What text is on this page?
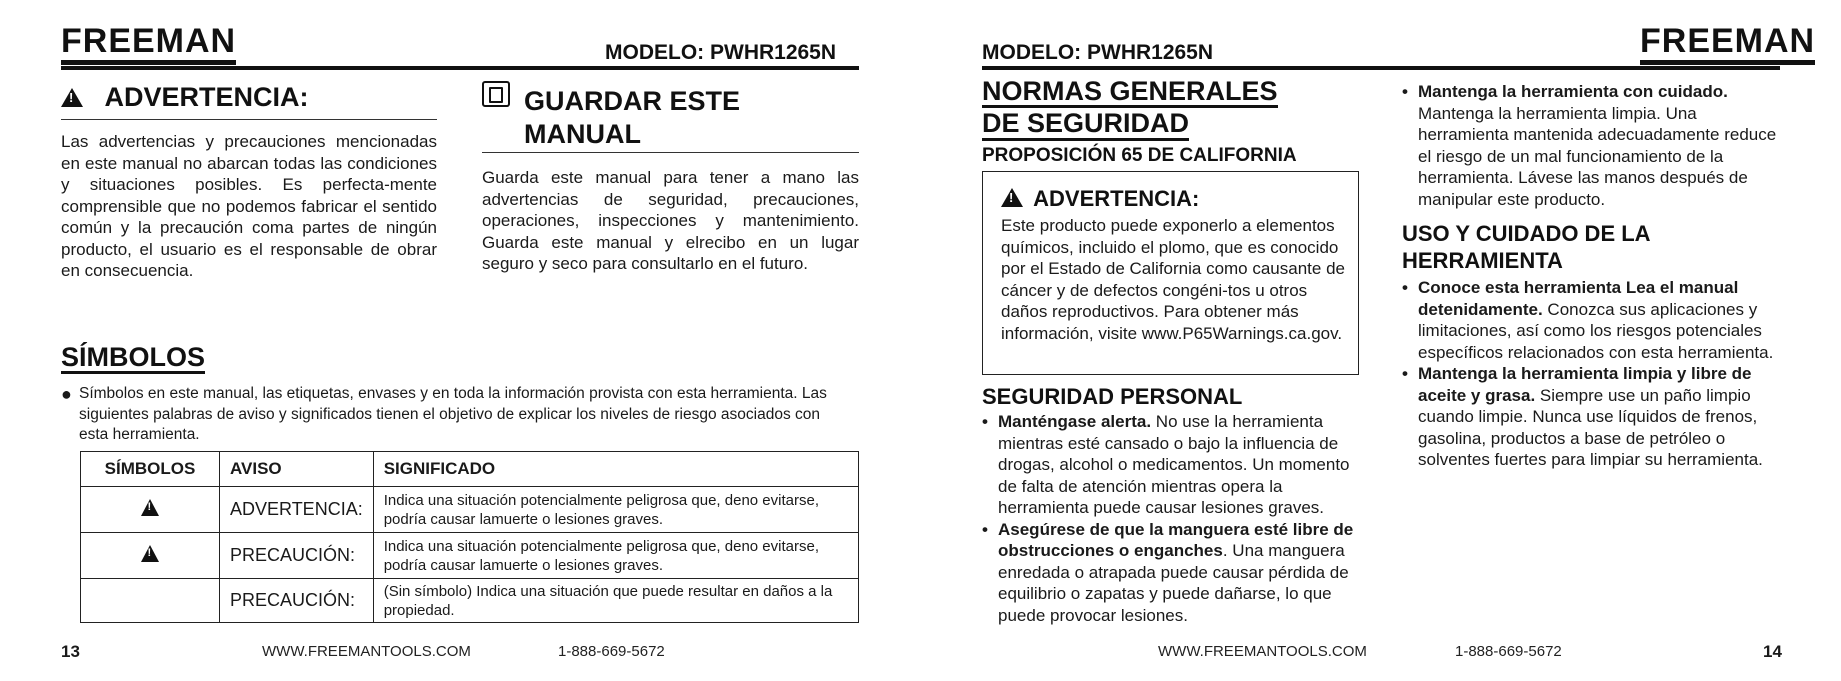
FREEMAN	MODELO: PWHR1265N
! ADVERTENCIA:
Las advertencias y precauciones mencionadas en este manual no abarcan todas las condiciones y situaciones posibles. Es perfecta-mente comprensible que no podemos fabricar el sentido común y la precaución coma partes de ningún producto, el usuario es el responsable de obrar en consecuencia.
GUARDAR ESTE
MANUAL
Guarda este manual para tener a mano las advertencias de seguridad, precauciones, operaciones, inspecciones y mantenimiento. Guarda este manual y elrecibo en un lugar seguro y seco para consultarlo en el futuro.
SÍMBOLOS
● Símbolos en este manual, las etiquetas, envases y en toda la información provista con esta herramienta. Las siguientes palabras de aviso y significados tienen el objetivo de explicar los niveles de riesgo asociados con esta herramienta.
SÍMBOLOS	AVISO	SIGNIFICADO
!	ADVERTENCIA:	Indica una situación potencialmente peligrosa que, deno evitarse, podría causar lamuerte o lesiones graves.
!	PRECAUCIÓN:	Indica una situación potencialmente peligrosa que, deno evitarse, podría causar lamuerte o lesiones graves.
	PRECAUCIÓN:	(Sin símbolo) Indica una situación que puede resultar en daños a la propiedad.
13	WWW.FREEMANTOOLS.COM	1-888-669-5672
MODELO: PWHR1265N	FREEMAN
NORMAS GENERALES
DE SEGURIDAD
PROPOSICIÓN 65 DE CALIFORNIA
! ADVERTENCIA:
Este producto puede exponerlo a elementos químicos, incluido el plomo, que es conocido por el Estado de California como causante de cáncer y de defectos congéni-tos u otros daños reproductivos. Para obtener más información, visite www.P65Warnings.ca.gov.
SEGURIDAD PERSONAL
• Manténgase alerta. No use la herramienta mientras esté cansado o bajo la influencia de drogas, alcohol o medicamentos. Un momento de falta de atención mientras opera la herramienta puede causar lesiones graves.
• Asegúrese de que la manguera esté libre de obstrucciones o enganches. Una manguera enredada o atrapada puede causar pérdida de equilibrio o zapatas y puede dañarse, lo que puede provocar lesiones.
• Mantenga la herramienta con cuidado. Mantenga la herramienta limpia. Una herramienta mantenida adecuadamente reduce el riesgo de un mal funcionamiento de la herramienta. Lávese las manos después de manipular este producto.
USO Y CUIDADO DE LA
HERRAMIENTA
• Conoce esta herramienta Lea el manual detenidamente. Conozca sus aplicaciones y limitaciones, así como los riesgos potenciales específicos relacionados con esta herramienta.
• Mantenga la herramienta limpia y libre de aceite y grasa. Siempre use un paño limpio cuando limpie. Nunca use líquidos de frenos, gasolina, productos a base de petróleo o solventes fuertes para limpiar su herramienta.
WWW.FREEMANTOOLS.COM	1-888-669-5672	14
